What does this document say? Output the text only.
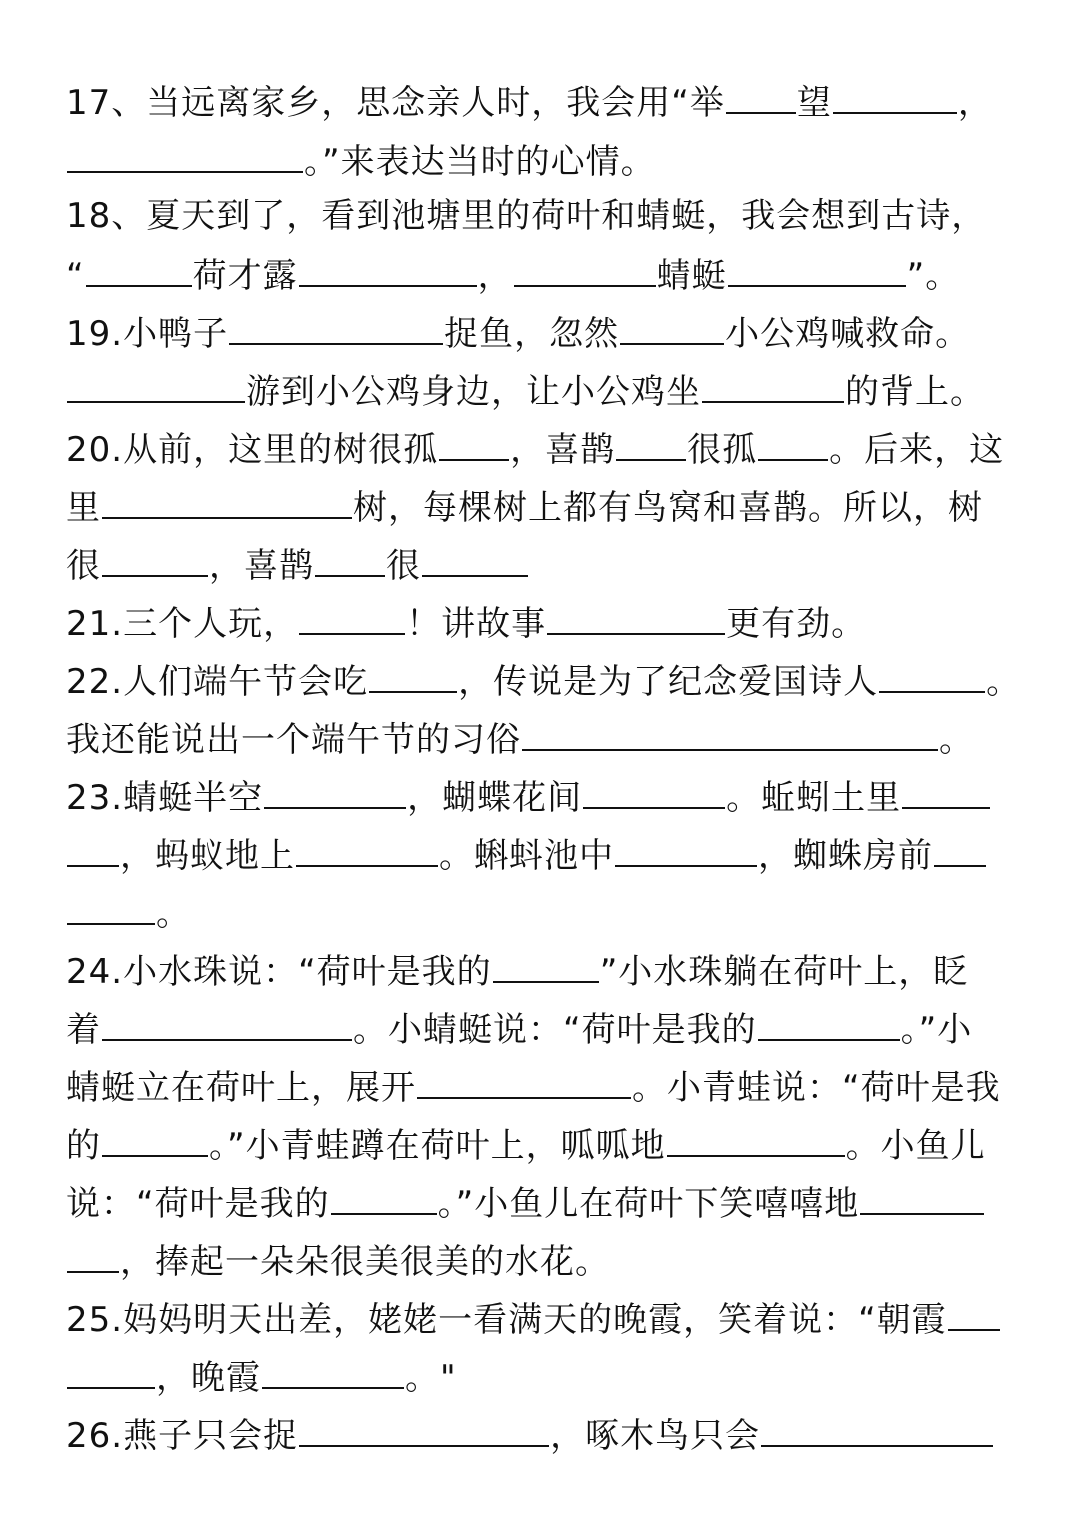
17、当远离家乡，思念亲人时，我会用“举 望	，
。”来表达当时的心情。
18、夏天到了，看到池塘里的荷叶和蜻蜓，我会想到古诗，
“	荷才露	，	蜻蜓	”。
19.小鸭子	捉鱼，忽然	小公鸡喊救命。
游到小公鸡身边，让小公鸡坐	的背上。
20.从前，这里的树很孤 ，喜鹊 很孤 。后来，这
里	树，每棵树上都有鸟窝和喜鹊。所以，树
很	，喜鹊 很
21.三个人玩，	！讲故事	更有劲。
22.人们端午节会吃	，传说是为了纪念爱国诗人	。
我还能说出一个端午节的习俗	。
23.蜻蜓半空	，蝴蝶花间	。蚯蚓土里
，蚂蚁地上	。蝌蚪池中	，蜘蛛房前
。
24.小水珠说：“荷叶是我的	”小水珠躺在荷叶上，眨
着	。小蜻蜓说：“荷叶是我的	。”小
蜻蜓立在荷叶上，展开	。小青蛙说：“荷叶是我
的	。”小青蛙蹲在荷叶上，呱呱地	。小鱼儿
说：“荷叶是我的	。”小鱼儿在荷叶下笑嘻嘻地
，捧起一朵朵很美很美的水花。
25.妈妈明天出差，姥姥一看满天的晚霞，笑着说：“朝霞
，晚霞	。"
26.燕子只会捉	，啄木鸟只会
